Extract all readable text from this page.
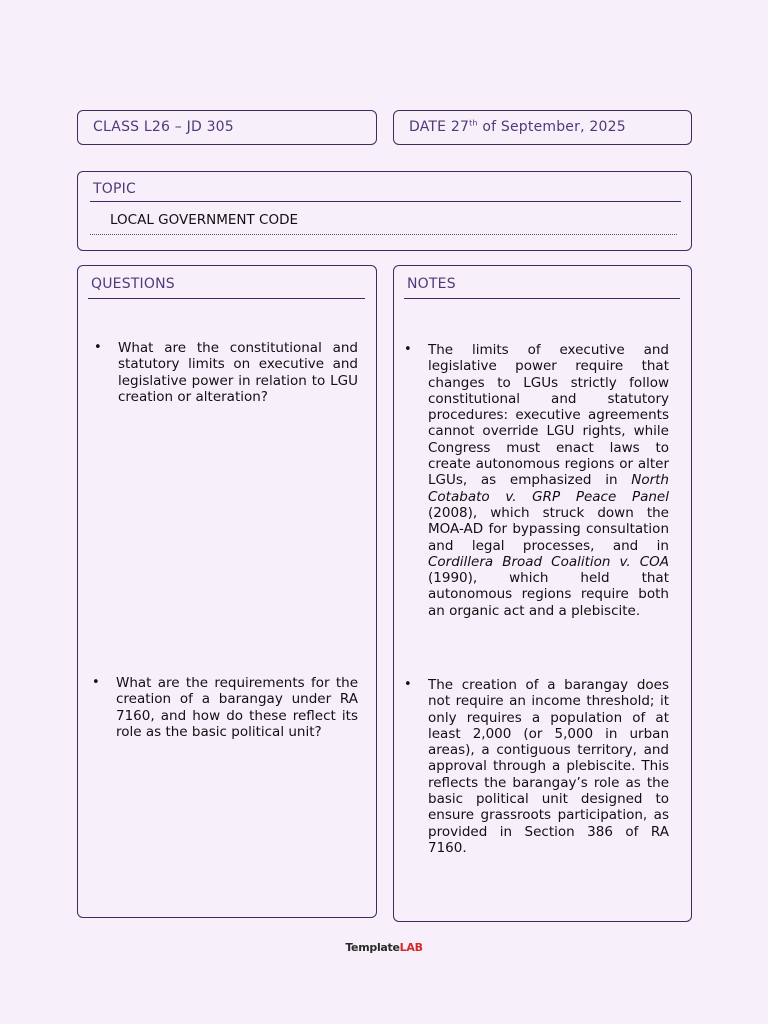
CLASS L26 – JD 305	DATE 27th of September, 2025
TOPIC
LOCAL GOVERNMENT CODE
QUESTIONS
• What are the constitutional and statutory limits on executive and legislative power in relation to LGU creation or alteration?
• What are the requirements for the creation of a barangay under RA 7160, and how do these reflect its role as the basic political unit?
NOTES
• The limits of executive and legislative power require that changes to LGUs strictly follow constitutional and statutory procedures: executive agreements cannot override LGU rights, while Congress must enact laws to create autonomous regions or alter LGUs, as emphasized in North Cotabato v. GRP Peace Panel (2008), which struck down the MOA-AD for bypassing consultation and legal processes, and in Cordillera Broad Coalition v. COA (1990), which held that autonomous regions require both an organic act and a plebiscite.
• The creation of a barangay does not require an income threshold; it only requires a population of at least 2,000 (or 5,000 in urban areas), a contiguous territory, and approval through a plebiscite. This reflects the barangay’s role as the basic political unit designed to ensure grassroots participation, as provided in Section 386 of RA 7160.
TemplateLAB
